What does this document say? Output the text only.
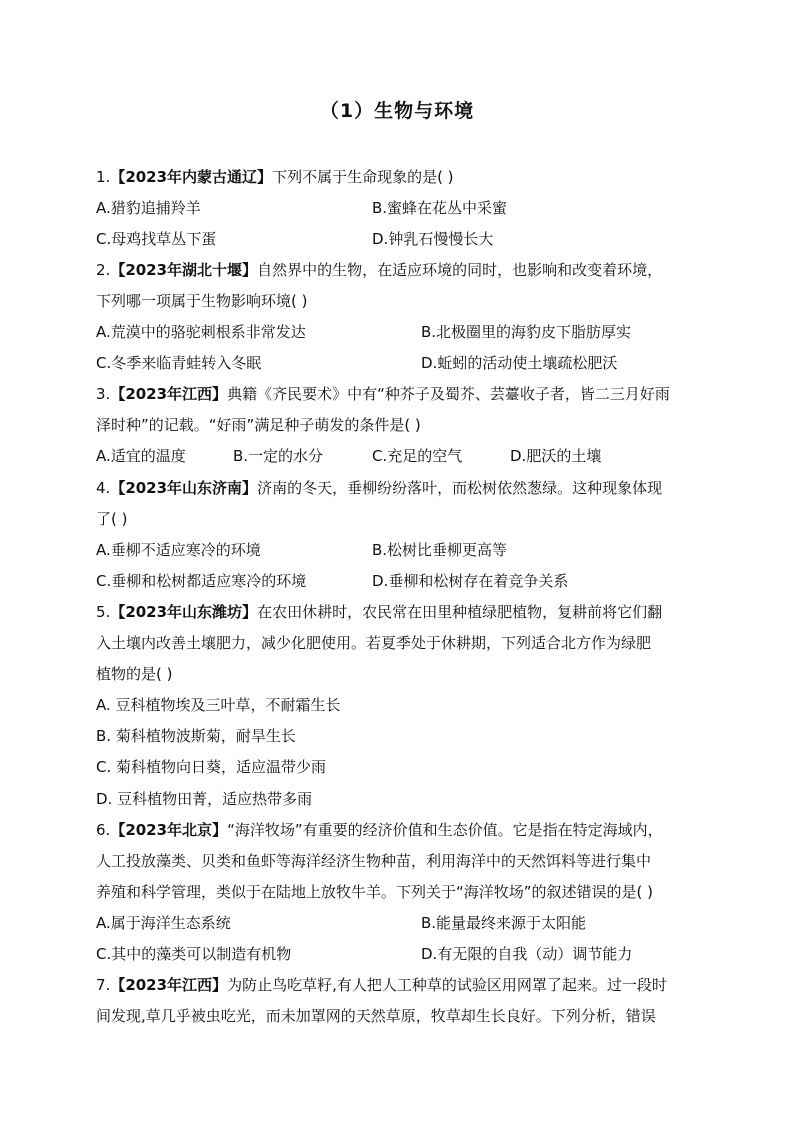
（1）生物与环境
1.【2023年内蒙古通辽】下列不属于生命现象的是( )
A.猎豹追捕羚羊	B.蜜蜂在花丛中采蜜
C.母鸡找草丛下蛋	D.钟乳石慢慢长大
2.【2023年湖北十堰】自然界中的生物，在适应环境的同时，也影响和改变着环境，
下列哪一项属于生物影响环境( )
A.荒漠中的骆驼刺根系非常发达	B.北极圈里的海豹皮下脂肪厚实
C.冬季来临青蛙转入冬眠	D.蚯蚓的活动使土壤疏松肥沃
3.【2023年江西】典籍《齐民要术》中有“种芥子及蜀芥、芸薹收子者，皆二三月好雨
泽时种”的记载。“好雨”满足种子萌发的条件是( )
A.适宜的温度	B.一定的水分	C.充足的空气	D.肥沃的土壤
4.【2023年山东济南】济南的冬天，垂柳纷纷落叶，而松树依然葱绿。这种现象体现
了( )
A.垂柳不适应寒冷的环境	B.松树比垂柳更高等
C.垂柳和松树都适应寒冷的环境	D.垂柳和松树存在着竞争关系
5.【2023年山东潍坊】在农田休耕时，农民常在田里种植绿肥植物，复耕前将它们翻
入土壤内改善土壤肥力，减少化肥使用。若夏季处于休耕期，下列适合北方作为绿肥
植物的是( )
A. 豆科植物埃及三叶草，不耐霜生长
B. 菊科植物波斯菊，耐旱生长
C. 菊科植物向日葵，适应温带少雨
D. 豆科植物田菁，适应热带多雨
6.【2023年北京】“海洋牧场”有重要的经济价值和生态价值。它是指在特定海域内，
人工投放藻类、贝类和鱼虾等海洋经济生物种苗，利用海洋中的天然饵料等进行集中
养殖和科学管理，类似于在陆地上放牧牛羊。下列关于“海洋牧场”的叙述错误的是( )
A.属于海洋生态系统	B.能量最终来源于太阳能
C.其中的藻类可以制造有机物	D.有无限的自我（动）调节能力
7.【2023年江西】为防止鸟吃草籽,有人把人工种草的试验区用网罩了起来。过一段时
间发现,草几乎被虫吃光，而未加罩网的天然草原，牧草却生长良好。下列分析，错误
